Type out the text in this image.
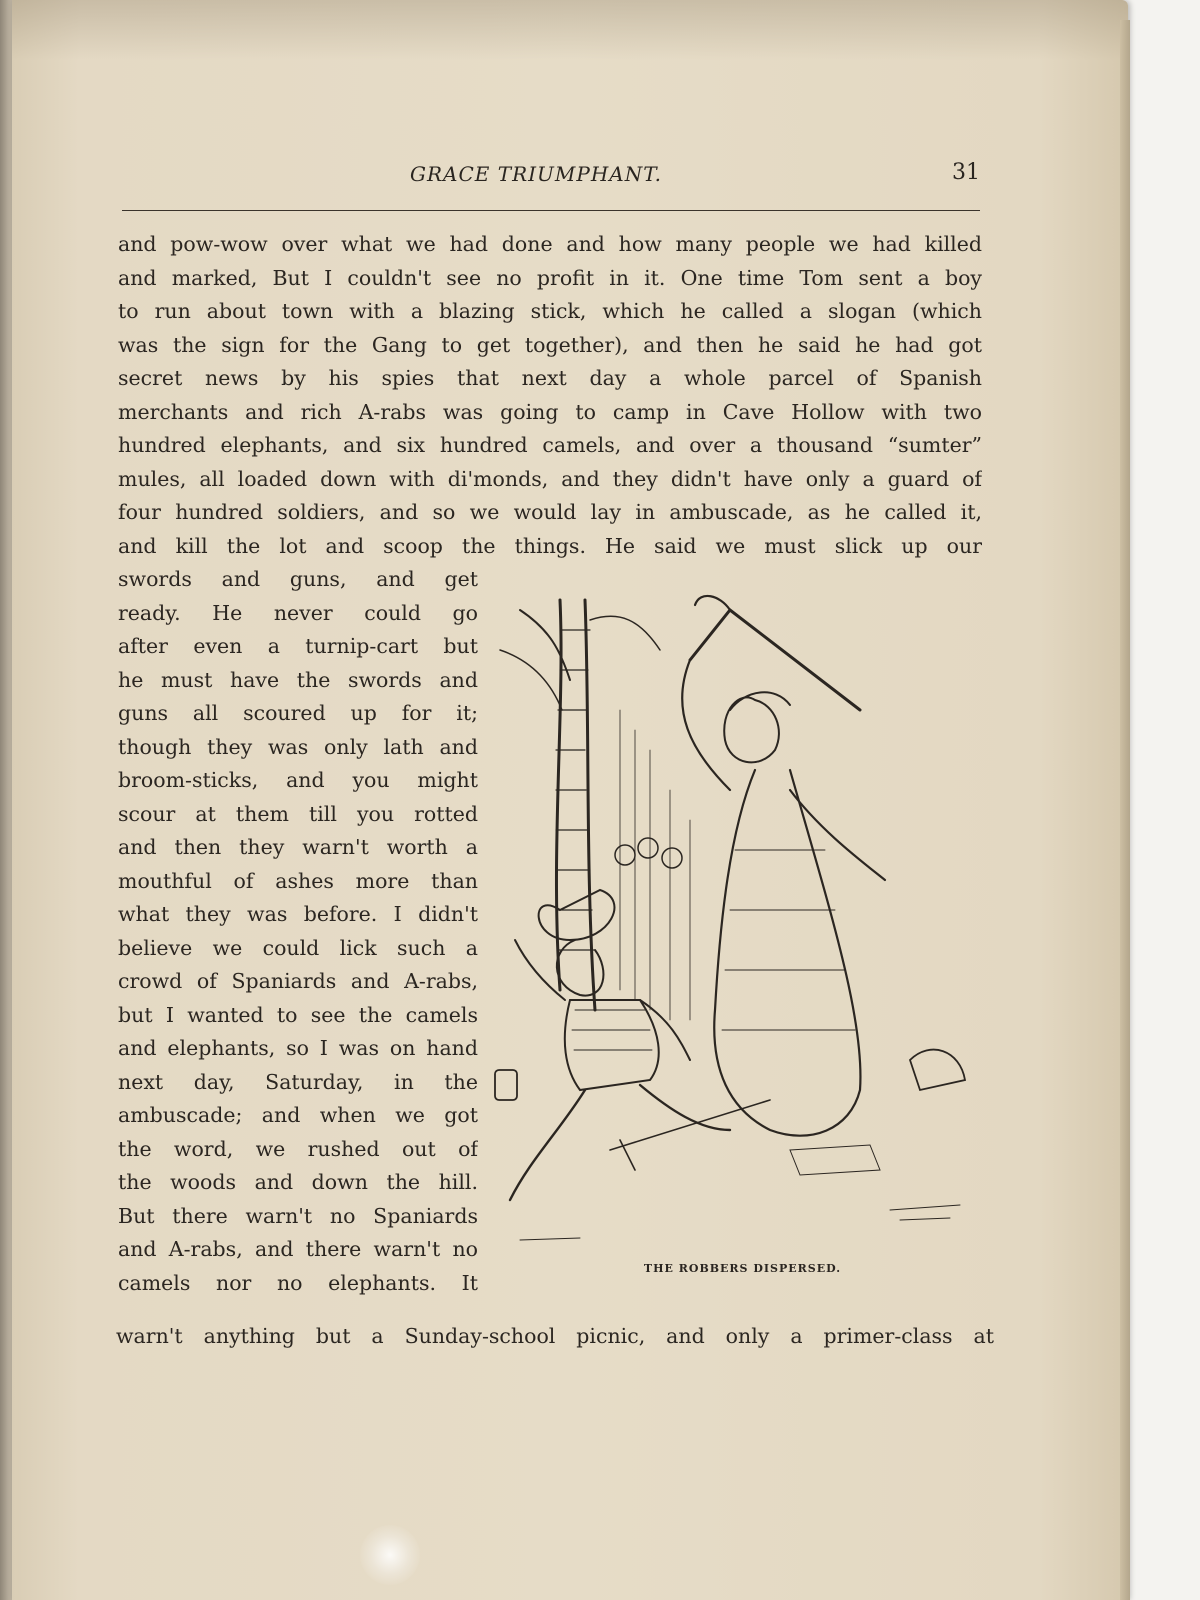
GRACE TRIUMPHANT.	31
and pow-wow over what we had done and how many people we had killed
and marked, But I couldn't see no profit in it. One time Tom sent a boy
to run about town with a blazing stick, which he called a slogan (which
was the sign for the Gang to get together), and then he said he had got
secret news by his spies that next day a whole parcel of Spanish
merchants and rich A-rabs was going to camp in Cave Hollow with two
hundred elephants, and six hundred camels, and over a thousand “sumter”
mules, all loaded down with di'monds, and they didn't have only a guard of
four hundred soldiers, and so we would lay in ambuscade, as he called it,
and kill the lot and scoop the things. He said we must slick up our
swords and guns, and get
ready. He never could go
after even a turnip-cart but
he must have the swords and
guns all scoured up for it;
though they was only lath and
broom-sticks, and you might
scour at them till you rotted
and then they warn't worth a
mouthful of ashes more than
what they was before. I didn't
believe we could lick such a
crowd of Spaniards and A-rabs,
but I wanted to see the camels
and elephants, so I was on hand
next day, Saturday, in the
ambuscade; and when we got
the word, we rushed out of
the woods and down the hill.
But there warn't no Spaniards
and A-rabs, and there warn't no
camels nor no elephants. It
THE ROBBERS DISPERSED.
warn't anything but a Sunday-school picnic, and only a primer-class at
